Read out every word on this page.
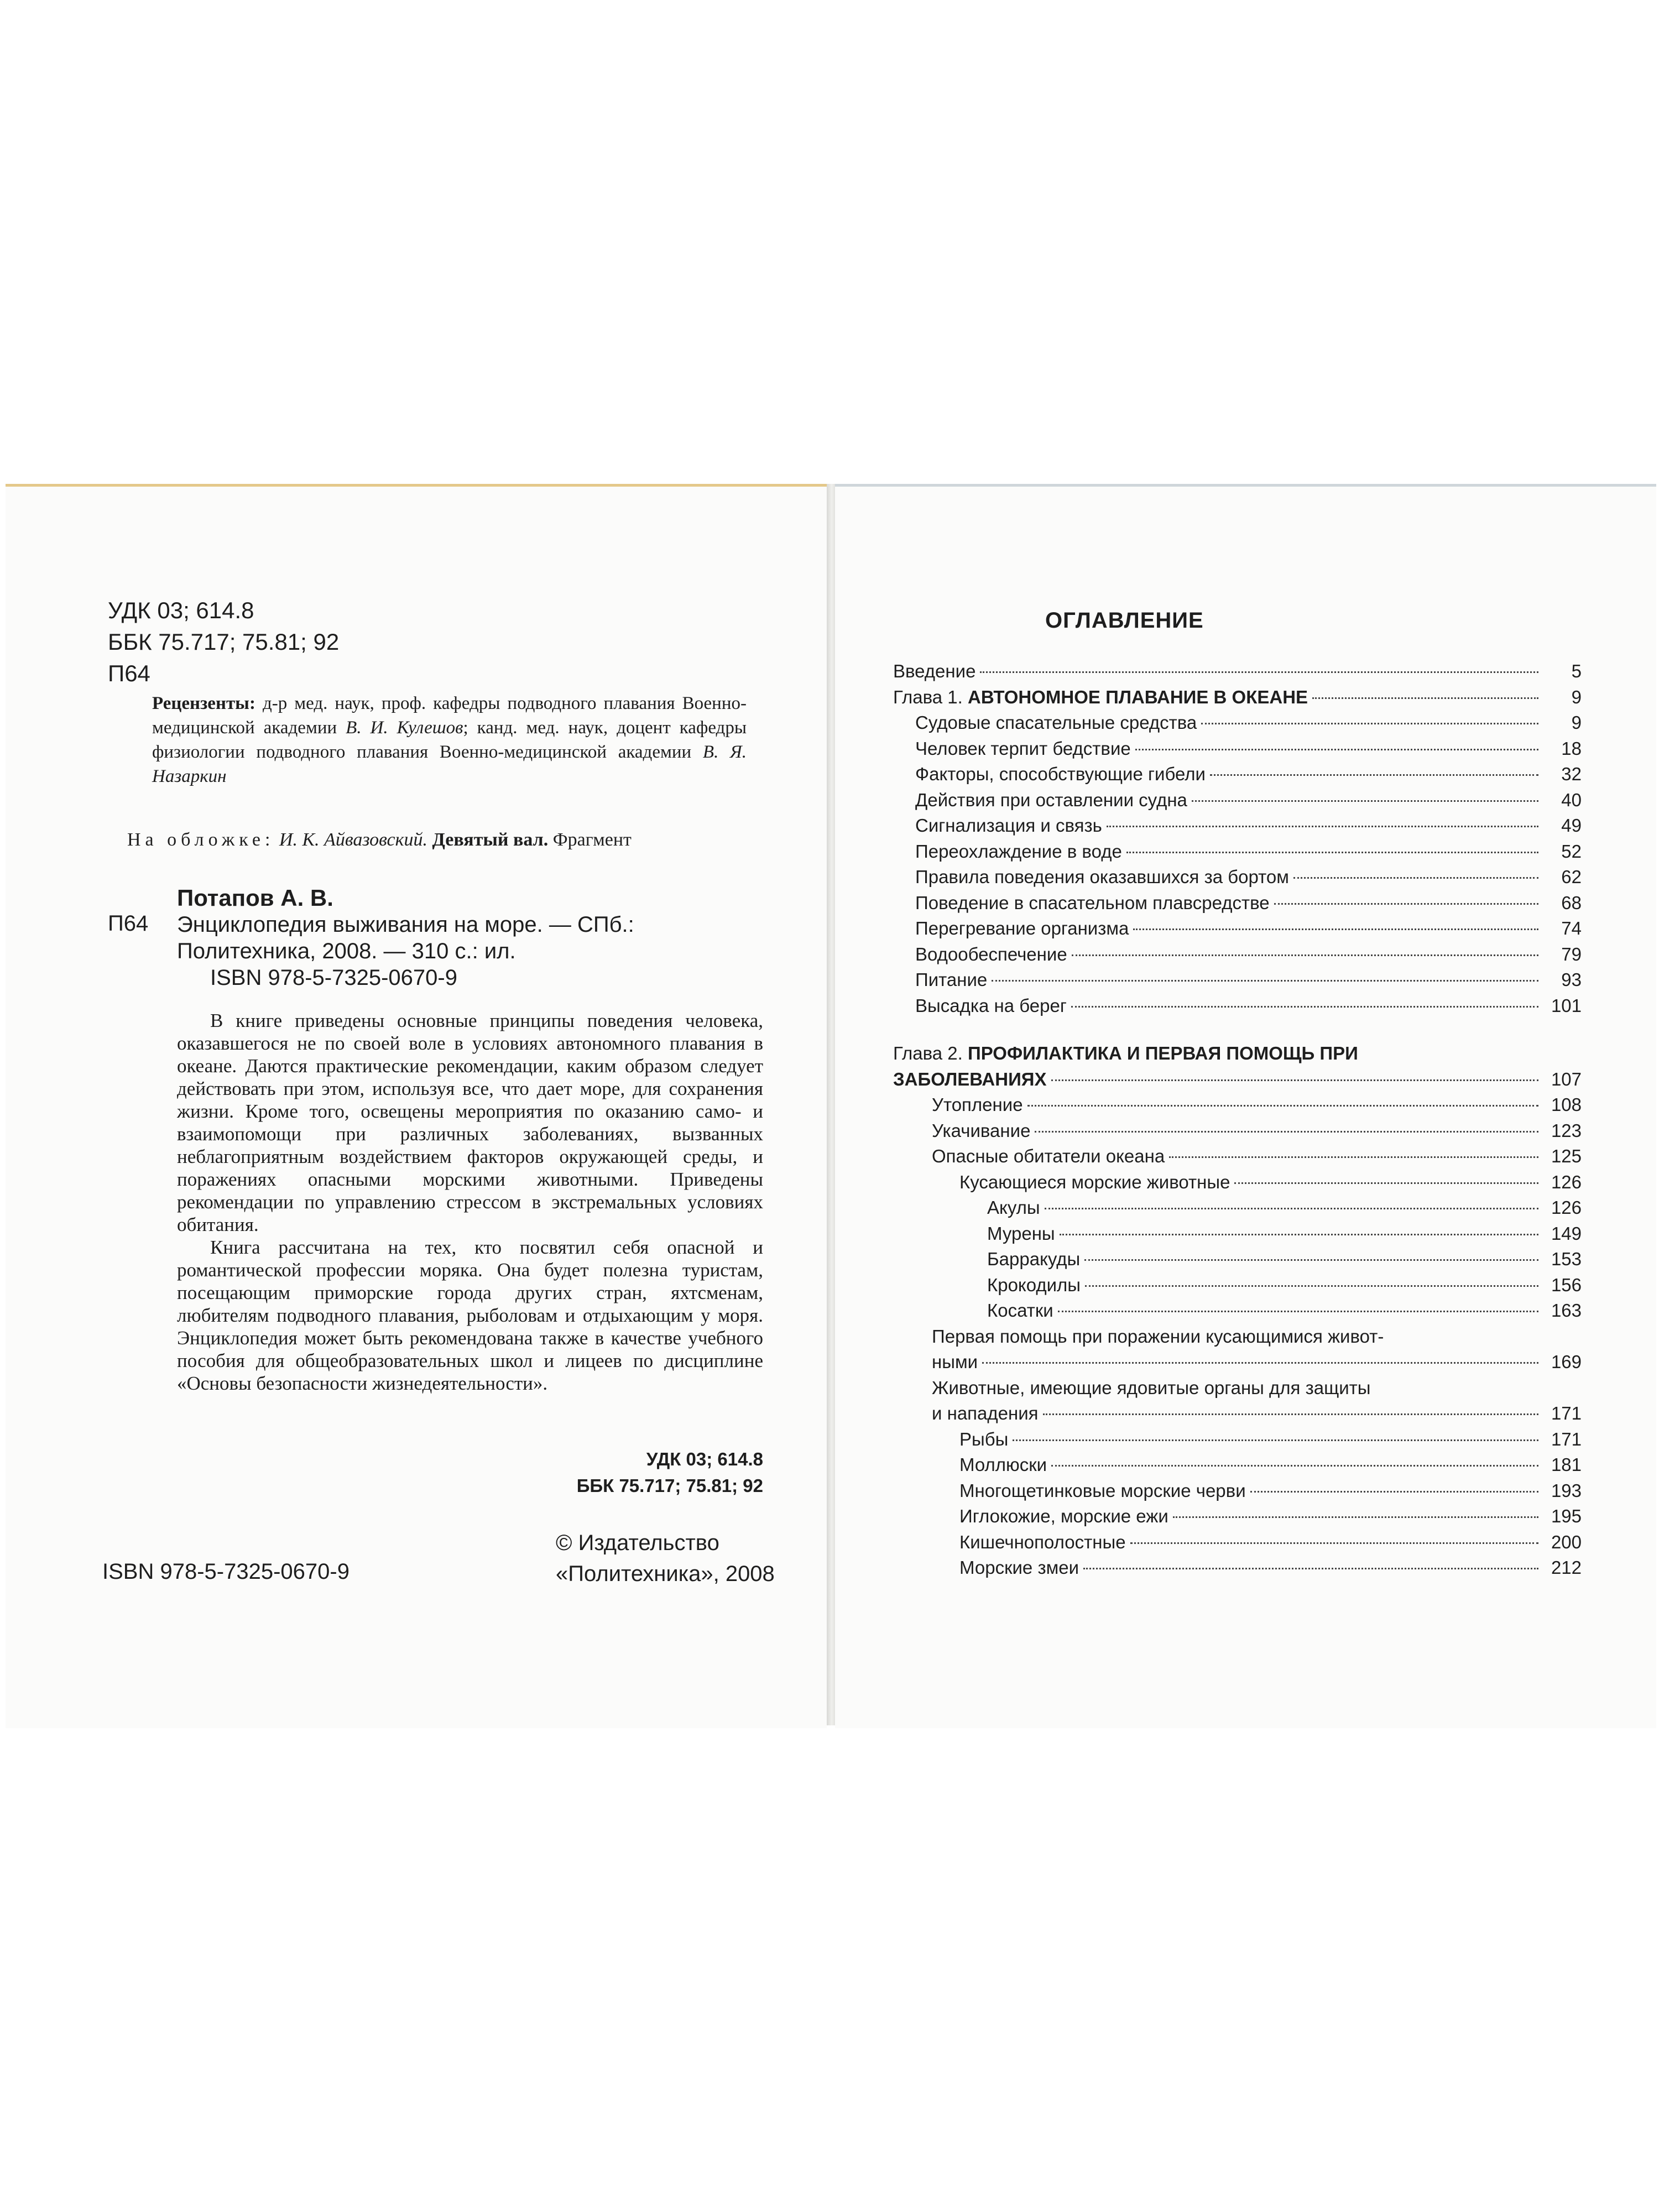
УДК 03; 614.8
ББК 75.717; 75.81; 92
П64
Рецензенты: д-р мед. наук, проф. кафедры подводного плавания Военно-медицинской академии В. И. Кулешов; канд. мед. наук, доцент кафедры физиологии подводного плавания Военно-медицинской академии В. Я. Назаркин
На обложке: И. К. Айвазовский. Девятый вал. Фрагмент
Потапов А. В.
П64 Энциклопедия выживания на море. — СПб.: Политехника, 2008. — 310 с.: ил.
ISBN 978-5-7325-0670-9

В книге приведены основные принципы поведения человека, оказавшегося не по своей воле в условиях автономного плавания в океане. Даются практические рекомендации, каким образом следует действовать при этом, используя все, что дает море, для сохранения жизни. Кроме того, освещены мероприятия по оказанию само- и взаимопомощи при различных заболеваниях, вызванных неблагоприятным воздействием факторов окружающей среды, и поражениях опасными морскими животными. Приведены рекомендации по управлению стрессом в экстремальных условиях обитания.

Книга рассчитана на тех, кто посвятил себя опасной и романтической профессии моряка. Она будет полезна туристам, посещающим приморские города других стран, яхтсменам, любителям подводного плавания, рыболовам и отдыхающим у моря. Энциклопедия может быть рекомендована также в качестве учебного пособия для общеобразовательных школ и лицеев по дисциплине «Основы безопасности жизнедеятельности».

УДК 03; 614.8
ББК 75.717; 75.81; 92
ISBN 978-5-7325-0670-9
© Издательство
«Политехника», 2008
ОГЛАВЛЕНИЕ
Введение	5
Глава 1. АВТОНОМНОЕ ПЛАВАНИЕ В ОКЕАНЕ	9
Судовые спасательные средства	9
Человек терпит бедствие	18
Факторы, способствующие гибели	32
Действия при оставлении судна	40
Сигнализация и связь	49
Переохлаждение в воде	52
Правила поведения оказавшихся за бортом	62
Поведение в спасательном плавсредстве	68
Перегревание организма	74
Водообеспечение	79
Питание	93
Высадка на берег	101
Глава 2. ПРОФИЛАКТИКА И ПЕРВАЯ ПОМОЩЬ ПРИ
ЗАБОЛЕВАНИЯХ	107
Утопление	108
Укачивание	123
Опасные обитатели океана	125
Кусающиеся морские животные	126
Акулы	126
Мурены	149
Барракуды	153
Крокодилы	156
Косатки	163
Первая помощь при поражении кусающимися живот-
ными	169
Животные, имеющие ядовитые органы для защиты
и нападения	171
Рыбы	171
Моллюски	181
Многощетинковые морские черви	193
Иглокожие, морские ежи	195
Кишечнополостные	200
Морские змеи	212
